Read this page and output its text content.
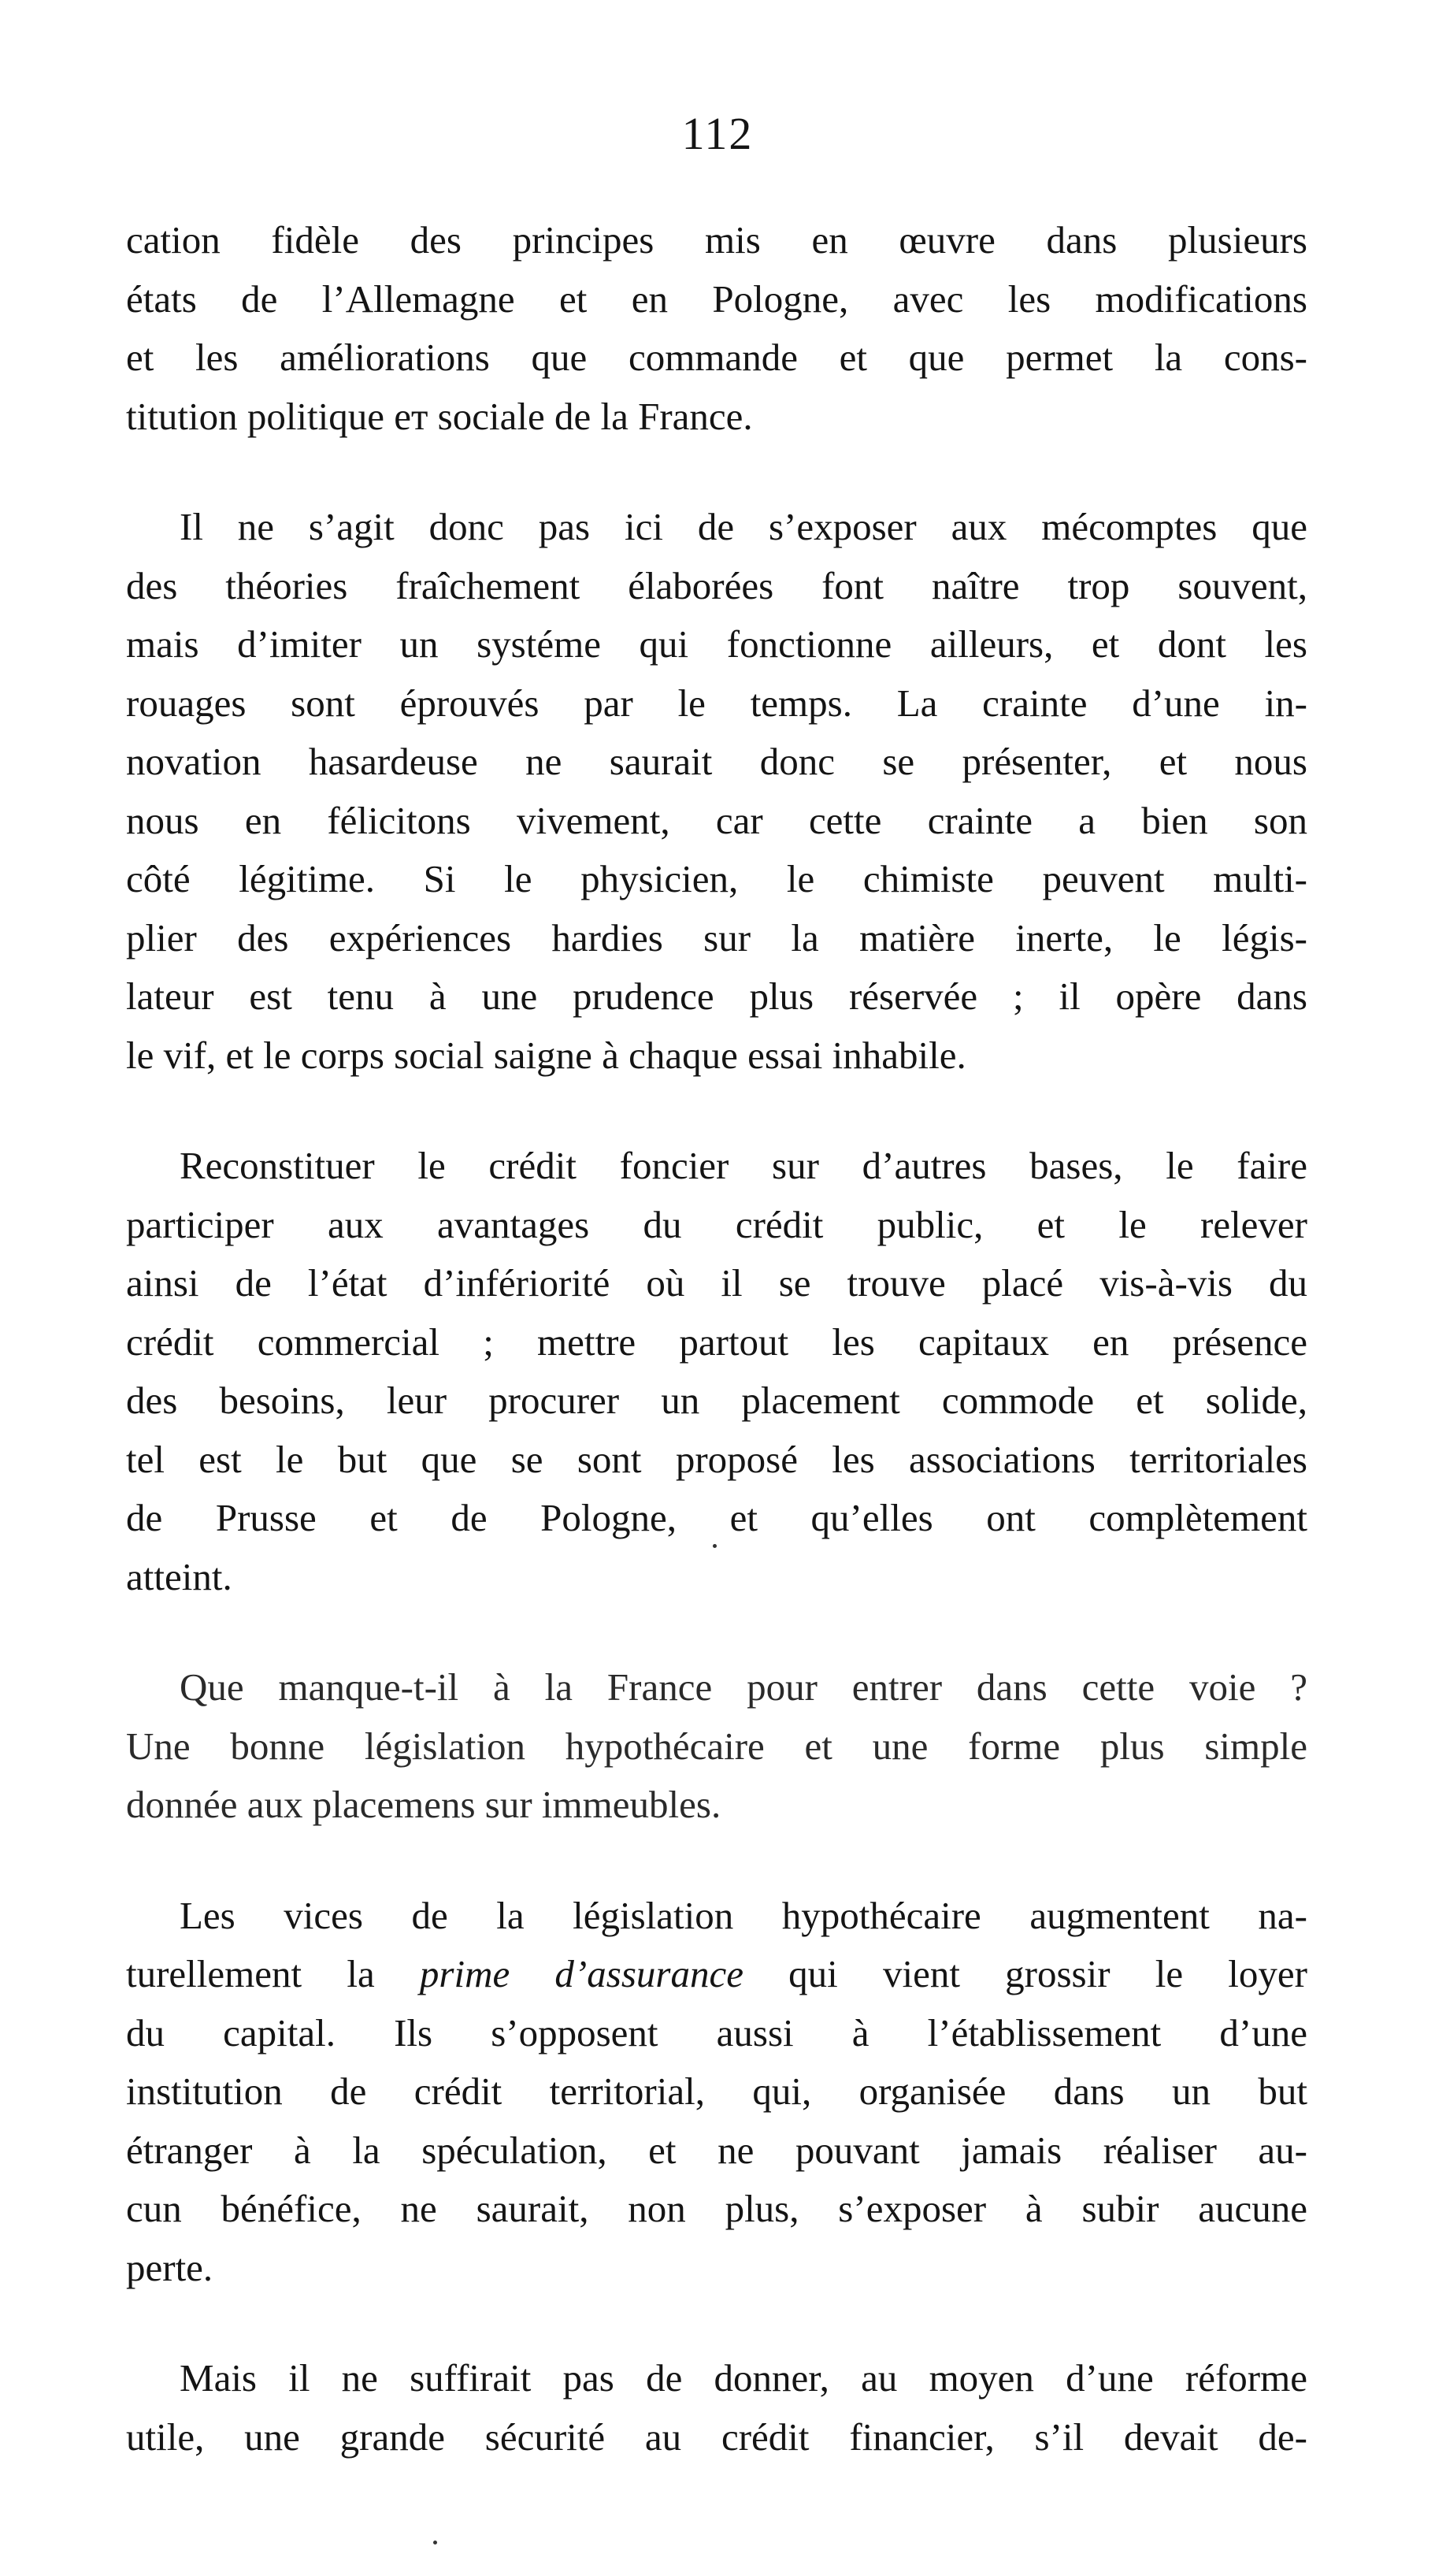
112
cation fidèle des principes mis en œuvre dans plusieurs
états de l’Allemagne et en Pologne, avec les modifications
et les améliorations que commande et que permet la cons-
titution politique eт sociale de la France.
Il ne s’agit donc pas ici de s’exposer aux mécomptes que
des théories fraîchement élaborées font naître trop souvent,
mais d’imiter un systéme qui fonctionne ailleurs, et dont les
rouages sont éprouvés par le temps. La crainte d’une in-
novation hasardeuse ne saurait donc se présenter, et nous
nous en félicitons vivement, car cette crainte a bien son
côté légitime. Si le physicien, le chimiste peuvent multi-
plier des expériences hardies sur la matière inerte, le légis-
lateur est tenu à une prudence plus réservée ; il opère dans
le vif, et le corps social saigne à chaque essai inhabile.
Reconstituer le crédit foncier sur d’autres bases, le faire
participer aux avantages du crédit public, et le relever
ainsi de l’état d’infériorité où il se trouve placé vis-à-vis du
crédit commercial ; mettre partout les capitaux en présence
des besoins, leur procurer un placement commode et solide,
tel est le but que se sont proposé les associations territoriales
de Prusse et de Pologne, et qu’elles ont complètement
atteint.
Que manque-t-il à la France pour entrer dans cette voie ?
Une bonne législation hypothécaire et une forme plus simple
donnée aux placemens sur immeubles.
Les vices de la législation hypothécaire augmentent na-
turellement la prime d’assurance qui vient grossir le loyer
du capital. Ils s’opposent aussi à l’établissement d’une
institution de crédit territorial, qui, organisée dans un but
étranger à la spéculation, et ne pouvant jamais réaliser au-
cun bénéfice, ne saurait, non plus, s’exposer à subir aucune
perte.
Mais il ne suffirait pas de donner, au moyen d’une réforme
utile, une grande sécurité au crédit financier, s’il devait de-
